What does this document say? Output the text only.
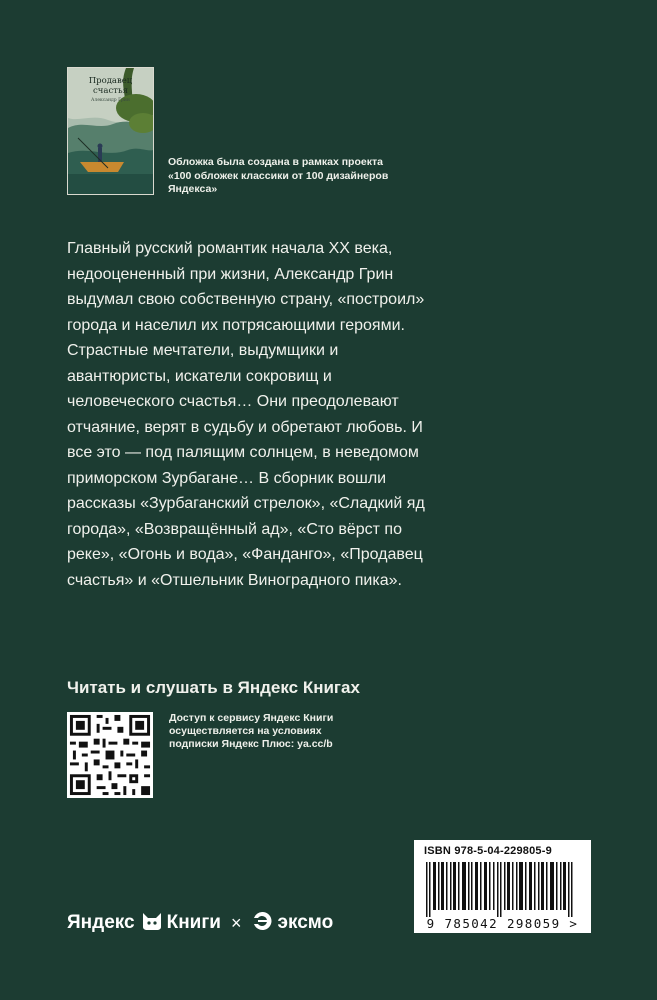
Продавец
счастья
Александр Грин
Обложка была создана в рамках проекта «100 обложек классики от 100 дизайнеров Яндекса»
Главный русский романтик начала XX века, недооцененный при жизни, Александр Грин выдумал свою собственную страну, «построил» города и населил их потрясающими героями. Страстные мечтатели, выдумщики и авантюристы, искатели сокровищ и человеческого счастья… Они преодолевают отчаяние, верят в судьбу и обретают любовь. И все это — под палящим солнцем, в неведомом приморском Зурбагане… В сборник вошли рассказы «Зурбаганский стрелок», «Сладкий яд города», «Возвращённый ад», «Сто вёрст по реке», «Огонь и вода», «Фанданго», «Продавец счастья» и «Отшельник Виноградного пика».
Читать и слушать в Яндекс Книгах
Доступ к сервису Яндекс Книги осуществляется на условиях подписки Яндекс Плюс: ya.cc/b
ISBN 978-5-04-229805-9
9 785042 298059 >
Яндекс Книги × эксмо
